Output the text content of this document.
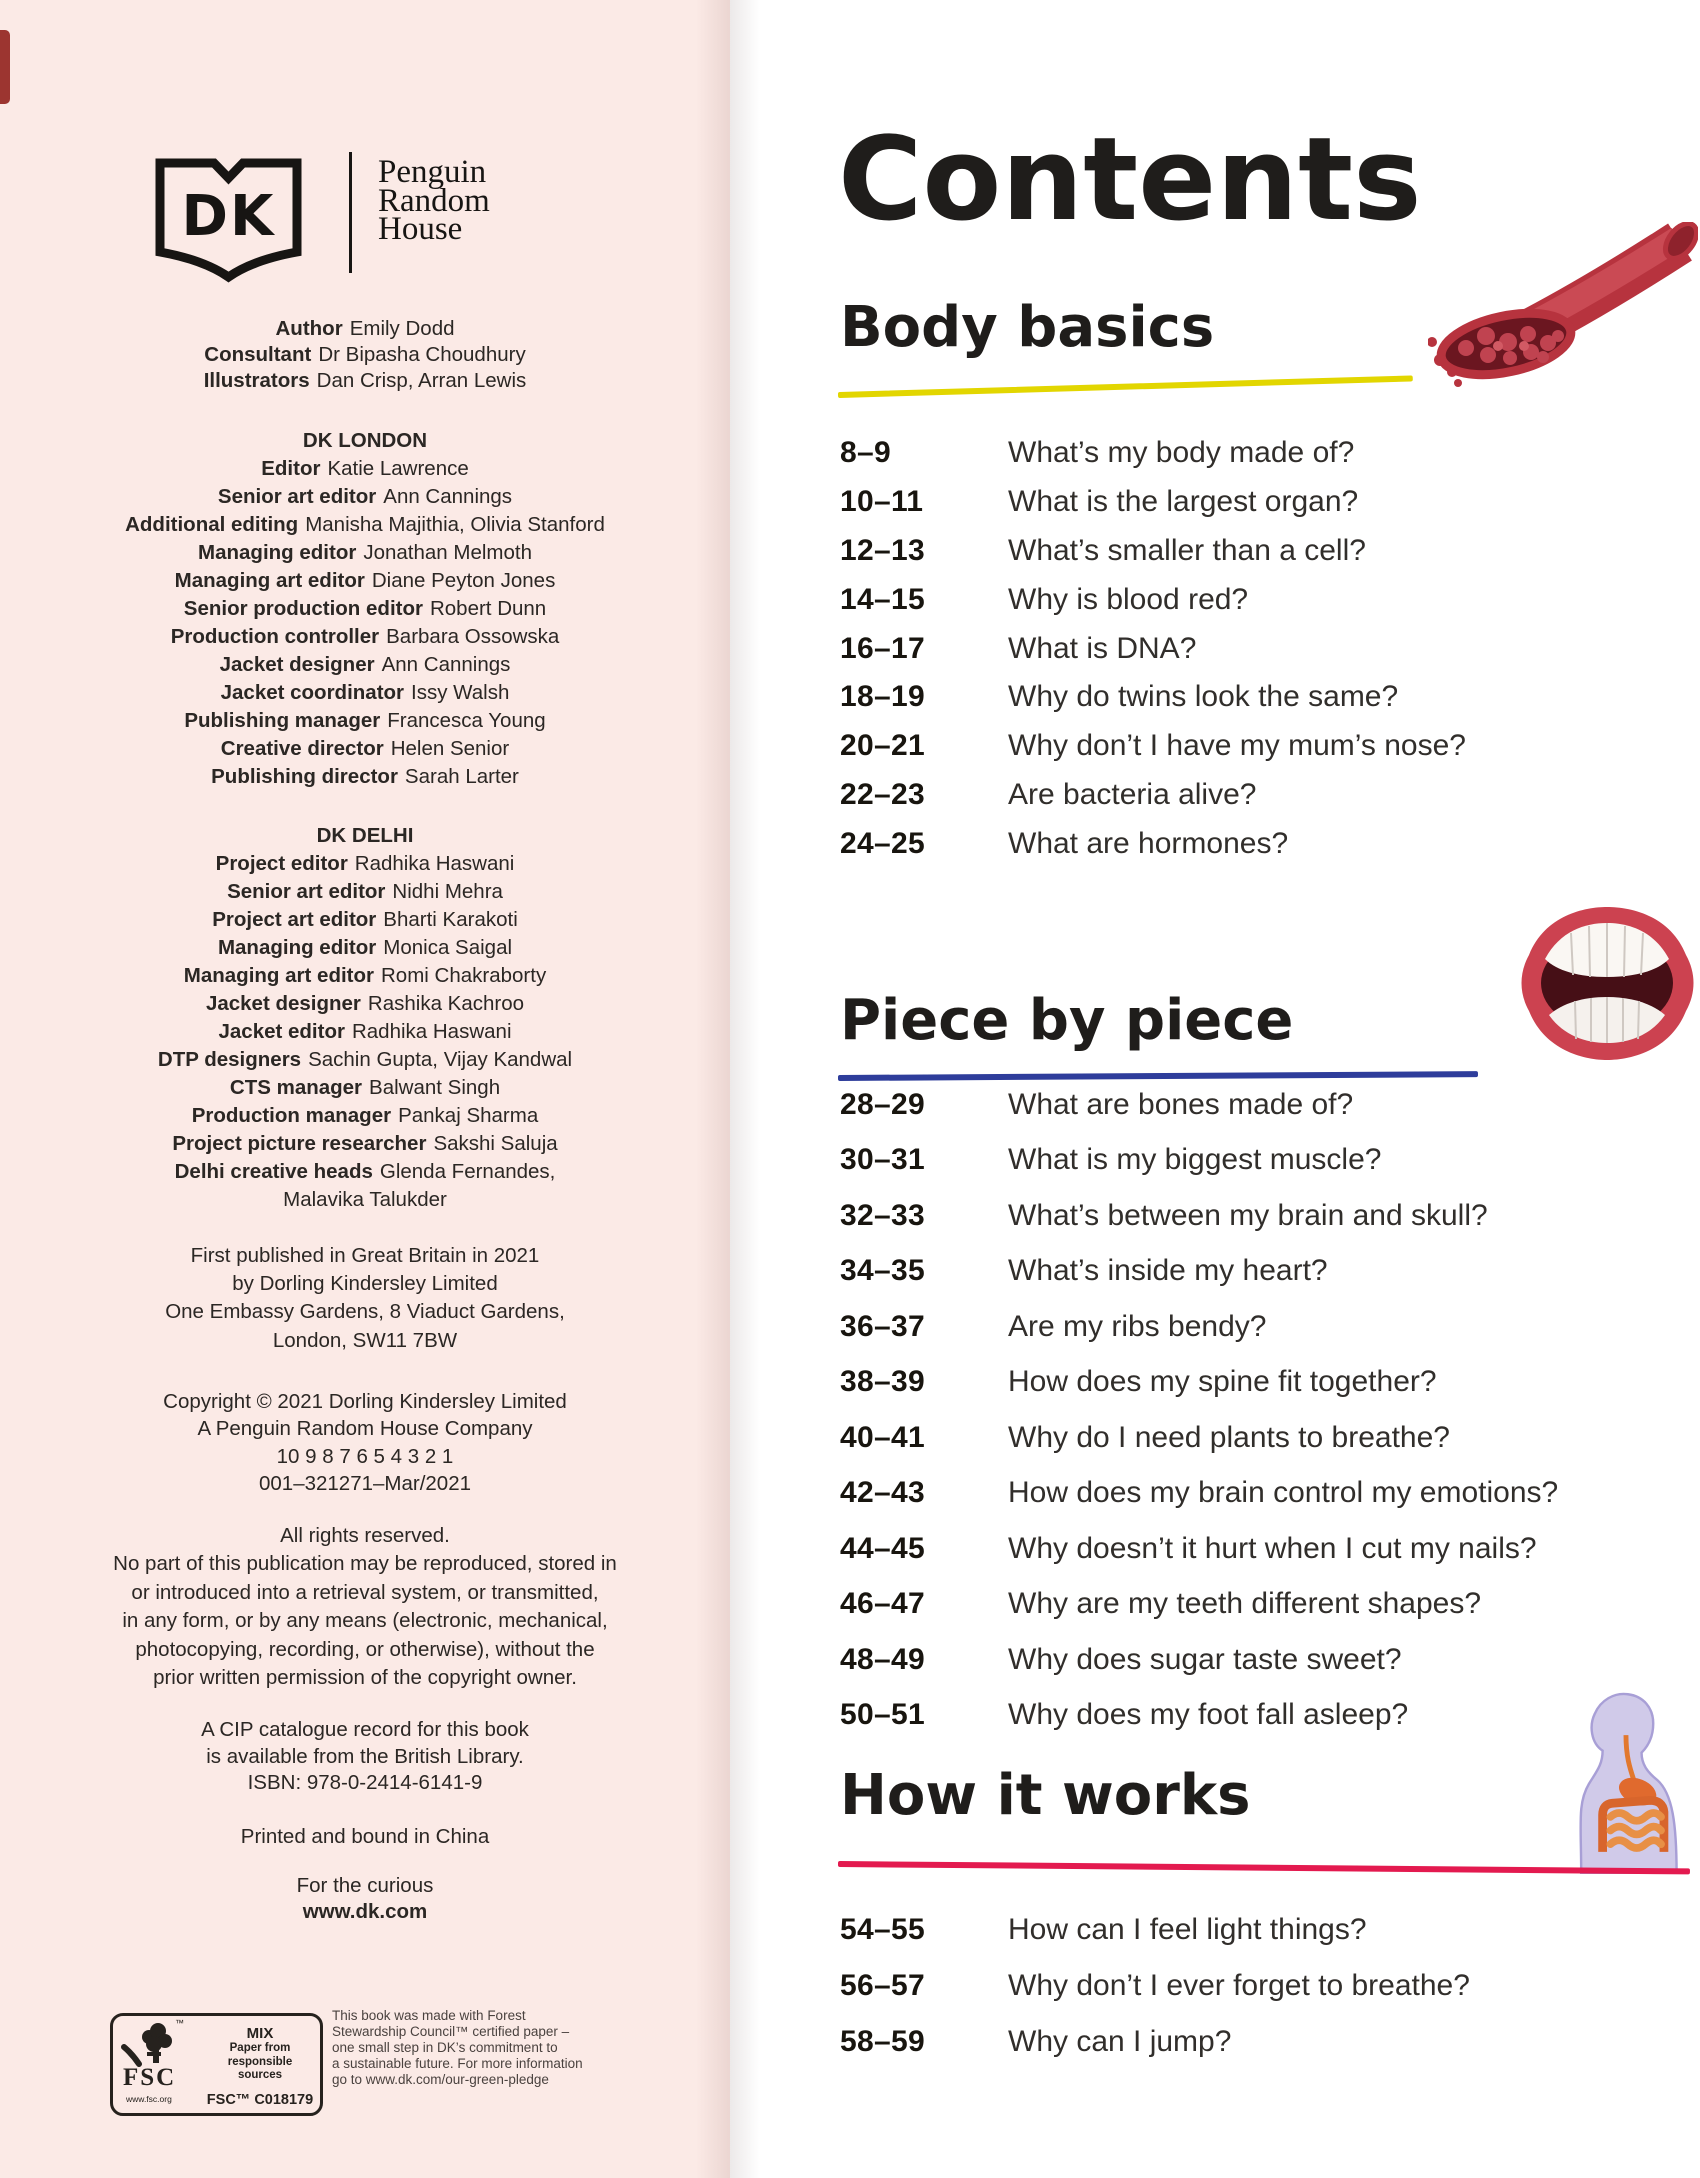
DK
Penguin
Random
House
Author Emily Dodd
Consultant Dr Bipasha Choudhury
Illustrators Dan Crisp, Arran Lewis
DK LONDON
Editor Katie Lawrence
Senior art editor Ann Cannings
Additional editing Manisha Majithia, Olivia Stanford
Managing editor Jonathan Melmoth
Managing art editor Diane Peyton Jones
Senior production editor Robert Dunn
Production controller Barbara Ossowska
Jacket designer Ann Cannings
Jacket coordinator Issy Walsh
Publishing manager Francesca Young
Creative director Helen Senior
Publishing director Sarah Larter
DK DELHI
Project editor Radhika Haswani
Senior art editor Nidhi Mehra
Project art editor Bharti Karakoti
Managing editor Monica Saigal
Managing art editor Romi Chakraborty
Jacket designer Rashika Kachroo
Jacket editor Radhika Haswani
DTP designers Sachin Gupta, Vijay Kandwal
CTS manager Balwant Singh
Production manager Pankaj Sharma
Project picture researcher Sakshi Saluja
Delhi creative heads Glenda Fernandes,
Malavika Talukder
First published in Great Britain in 2021
by Dorling Kindersley Limited
One Embassy Gardens, 8 Viaduct Gardens,
London, SW11 7BW
Copyright © 2021 Dorling Kindersley Limited
A Penguin Random House Company
10 9 8 7 6 5 4 3 2 1
001–321271–Mar/2021
All rights reserved.
No part of this publication may be reproduced, stored in
or introduced into a retrieval system, or transmitted,
in any form, or by any means (electronic, mechanical,
photocopying, recording, or otherwise), without the
prior written permission of the copyright owner.
A CIP catalogue record for this book
is available from the British Library.
ISBN: 978-0-2414-6141-9
Printed and bound in China
For the curious
www.dk.com
™
FSC
www.fsc.org
MIX
Paper from
responsible sources
FSC™ C018179
This book was made with Forest
Stewardship Council™ certified paper –
one small step in DK’s commitment to
a sustainable future. For more information
go to www.dk.com/our-green-pledge
Contents
Body basics
8–9	What’s my body made of?
10–11	What is the largest organ?
12–13	What’s smaller than a cell?
14–15	Why is blood red?
16–17	What is DNA?
18–19	Why do twins look the same?
20–21	Why don’t I have my mum’s nose?
22–23	Are bacteria alive?
24–25	What are hormones?
Piece by piece
28–29	What are bones made of?
30–31	What is my biggest muscle?
32–33	What’s between my brain and skull?
34–35	What’s inside my heart?
36–37	Are my ribs bendy?
38–39	How does my spine fit together?
40–41	Why do I need plants to breathe?
42–43	How does my brain control my emotions?
44–45	Why doesn’t it hurt when I cut my nails?
46–47	Why are my teeth different shapes?
48–49	Why does sugar taste sweet?
50–51	Why does my foot fall asleep?
How it works
54–55	How can I feel light things?
56–57	Why don’t I ever forget to breathe?
58–59	Why can I jump?
